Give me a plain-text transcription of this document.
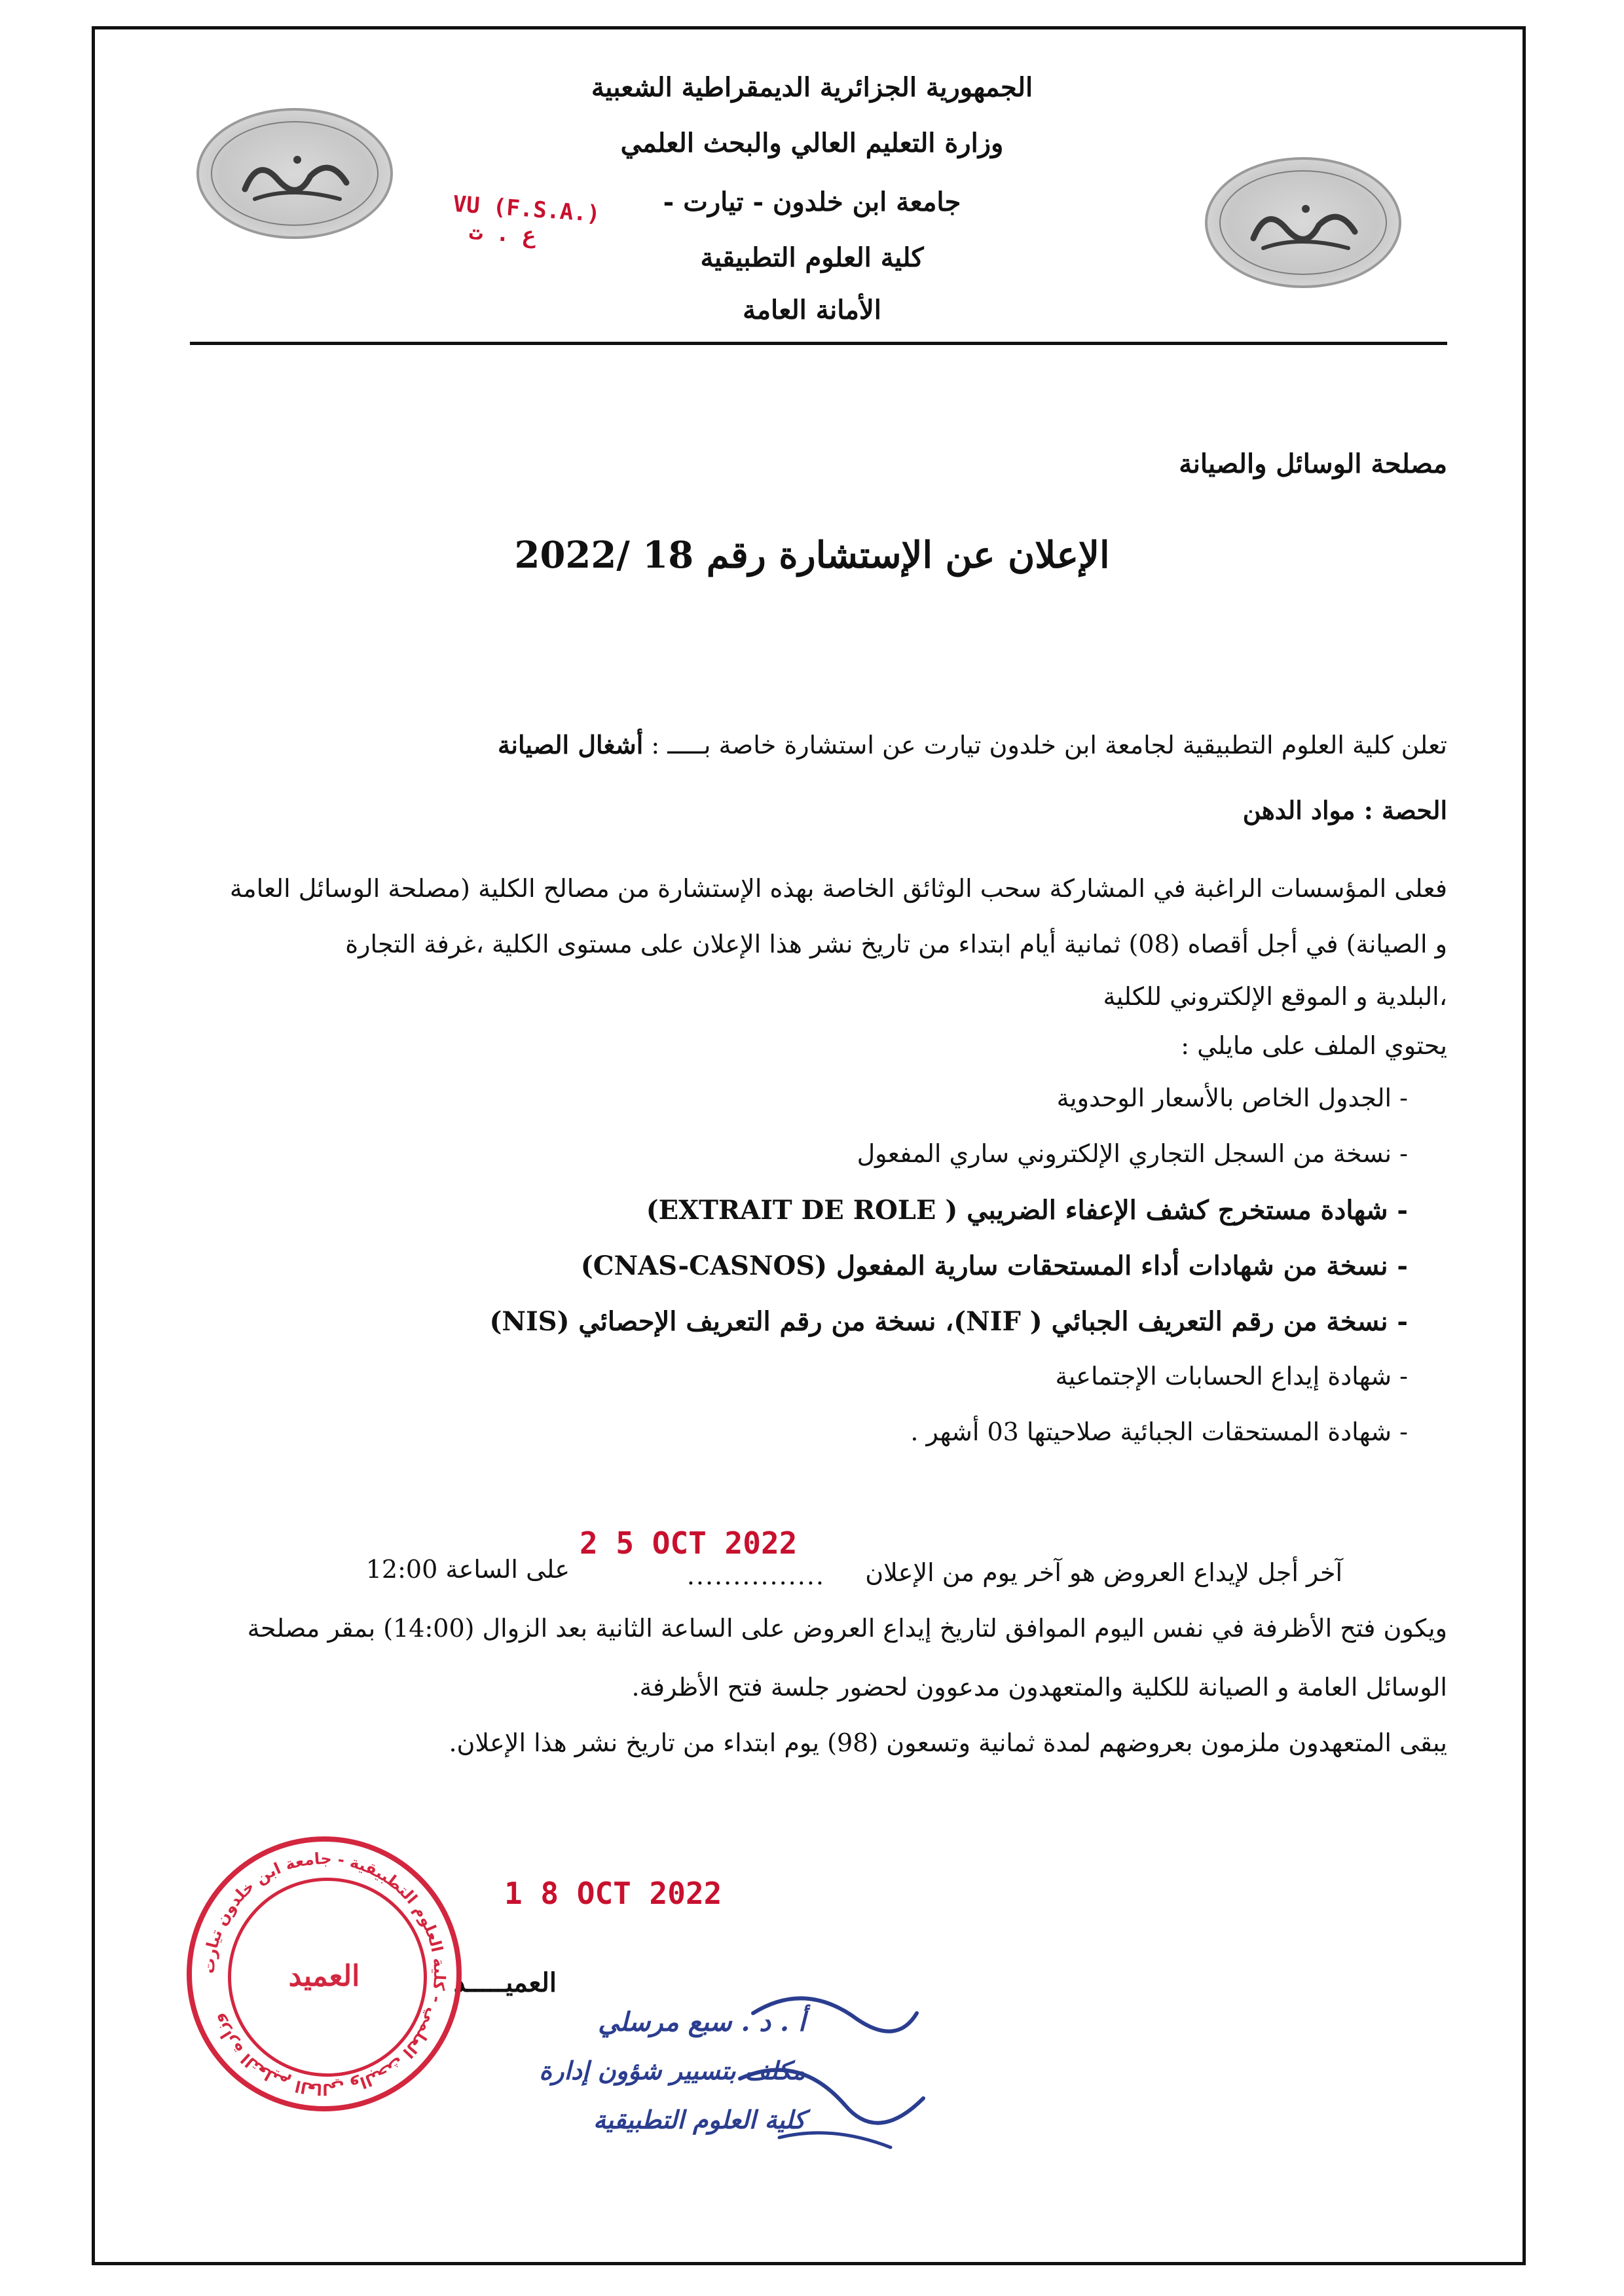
VU (F.S.A.)
ع . ت
الجمهورية الجزائرية الديمقراطية الشعبية
وزارة التعليم العالي والبحث العلمي
جامعة ابن خلدون - تيارت -
كلية العلوم التطبيقية
الأمانة العامة
مصلحة الوسائل والصيانة
الإعلان عن الإستشارة رقم 18 /2022
تعلن كلية العلوم التطبيقية لجامعة ابن خلدون تيارت عن استشارة خاصة بـــــ : أشغال الصيانة
الحصة : مواد الدهن
فعلى المؤسسات الراغبة في المشاركة سحب الوثائق الخاصة بهذه الإستشارة من مصالح الكلية (مصلحة الوسائل العامة
و الصيانة) في أجل أقصاه (08) ثمانية أيام ابتداء من تاريخ نشر هذا الإعلان على مستوى الكلية ،غرفة التجارة
،البلدية و الموقع الإلكتروني للكلية
يحتوي الملف على مايلي :
- الجدول الخاص بالأسعار الوحدوية
- نسخة من السجل التجاري الإلكتروني ساري المفعول
- شهادة مستخرج كشف الإعفاء الضريبي ( EXTRAIT DE ROLE)
- نسخة من شهادات أداء المستحقات سارية المفعول (CNAS-CASNOS)
- نسخة من رقم التعريف الجبائي ( NIF)، نسخة من رقم التعريف الإحصائي (NIS)
- شهادة إيداع الحسابات الإجتماعية
- شهادة المستحقات الجبائية صلاحيتها 03 أشهر .
آخر أجل لإيداع العروض هو آخر يوم من الإعلان
...............
2 5 OCT 2022
على الساعة 12:00
ويكون فتح الأظرفة في نفس اليوم الموافق لتاريخ إيداع العروض على الساعة الثانية بعد الزوال (14:00) بمقر مصلحة
الوسائل العامة و الصيانة للكلية والمتعهدون مدعوون لحضور جلسة فتح الأظرفة.
يبقى المتعهدون ملزمون بعروضهم لمدة ثمانية وتسعون (98) يوم ابتداء من تاريخ نشر هذا الإعلان.
1 8 OCT 2022
العميـــــد
وزارة التعليم العالي والبحث العلمي - كلية العلوم التطبيقية - جامعة ابن خلدون تيارت
العميد
أ . د . سبع مرسلي
مكلف بتسيير شؤون إدارة
كلية العلوم التطبيقية
